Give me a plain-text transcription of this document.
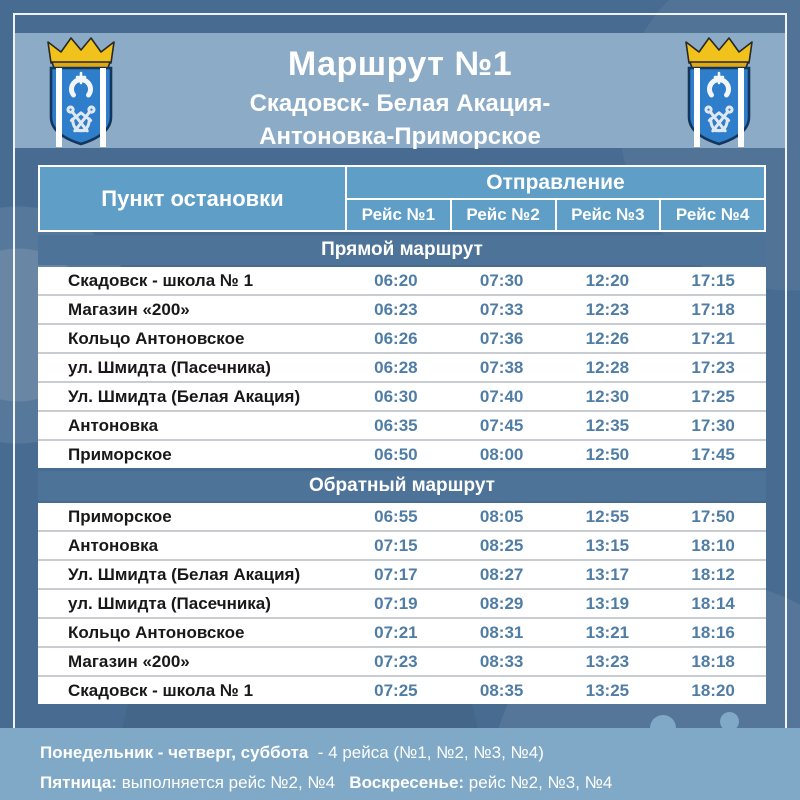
Маршрут №1
Скадовск- Белая Акация-
Антоновка-Приморское
Пункт остановки
Отправление
Рейс №1	Рейс №2	Рейс №3	Рейс №4
Прямой маршрут
Скадовск - школа № 1	06:20	07:30	12:20	17:15
Магазин «200»	06:23	07:33	12:23	17:18
Кольцо Антоновское	06:26	07:36	12:26	17:21
ул. Шмидта (Пасечника)	06:28	07:38	12:28	17:23
Ул. Шмидта (Белая Акация)	06:30	07:40	12:30	17:25
Антоновка	06:35	07:45	12:35	17:30
Приморское	06:50	08:00	12:50	17:45
Обратный маршрут
Приморское	06:55	08:05	12:55	17:50
Антоновка	07:15	08:25	13:15	18:10
Ул. Шмидта (Белая Акация)	07:17	08:27	13:17	18:12
ул. Шмидта (Пасечника)	07:19	08:29	13:19	18:14
Кольцо Антоновское	07:21	08:31	13:21	18:16
Магазин «200»	07:23	08:33	13:23	18:18
Скадовск - школа № 1	07:25	08:35	13:25	18:20
Понедельник - четверг, суббота  - 4 рейса (№1, №2, №3, №4)
Пятница: выполняется рейс №2, №4   Воскресенье: рейс №2, №3, №4
